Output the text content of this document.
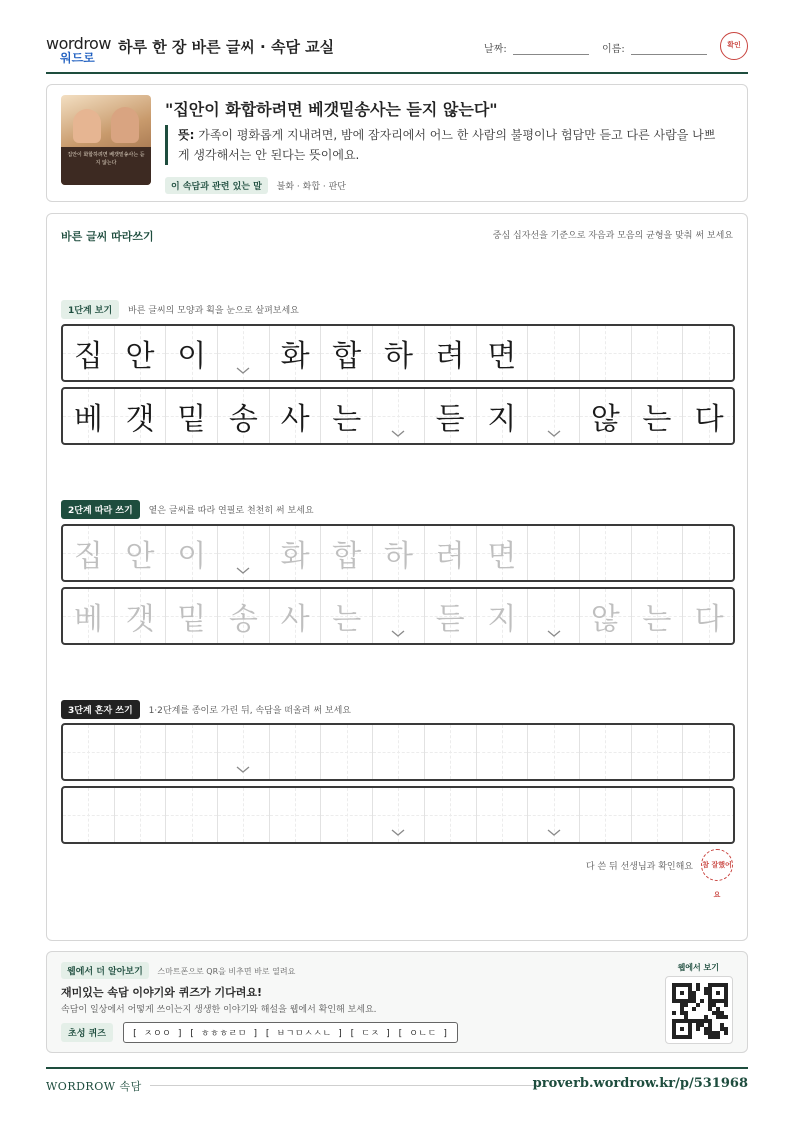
wordrow
워드로
하루 한 장 바른 글씨 · 속담 교실	날짜:	이름:	확인
집안이 화합하려면 베갯밑송사는 듣지 않는다
"집안이 화합하려면 베갯밑송사는 듣지 않는다"
뜻: 가족이 평화롭게 지내려면, 밤에 잠자리에서 어느 한 사람의 불평이나 험담만 듣고 다른 사람을 나쁘게 생각해서는 안 된다는 뜻이에요.
이 속담과 관련 있는 말 불화 · 화합 · 판단
바른 글씨 따라쓰기	중심 십자선을 기준으로 자음과 모음의 균형을 맞춰 써 보세요
1단계 보기 바른 글씨의 모양과 획을 눈으로 살펴보세요
집 안 이 화 합 하 려 면
베 갯 밑 송 사 는 듣 지 않 는 다
2단계 따라 쓰기 옅은 글씨를 따라 연필로 천천히 써 보세요
집 안 이 화 합 하 려 면
베 갯 밑 송 사 는 듣 지 않 는 다
3단계 혼자 쓰기 1·2단계를 종이로 가린 뒤, 속담을 떠올려 써 보세요
다 쓴 뒤 선생님과 확인해요 참 잘했어요
웹에서 더 알아보기 스마트폰으로 QR을 비추면 바로 열려요
재미있는 속담 이야기와 퀴즈가 기다려요!
속담이 일상에서 어떻게 쓰이는지 생생한 이야기와 해설을 웹에서 확인해 보세요.
초성 퀴즈	[ ㅈㅇㅇ ] [ ㅎㅎㅎㄹㅁ ] [ ㅂㄱㅁㅅㅅㄴ ] [ ㄷㅈ ] [ ㅇㄴㄷ ]
웹에서 보기
WORDROW 속담	proverb.wordrow.kr/p/531968
